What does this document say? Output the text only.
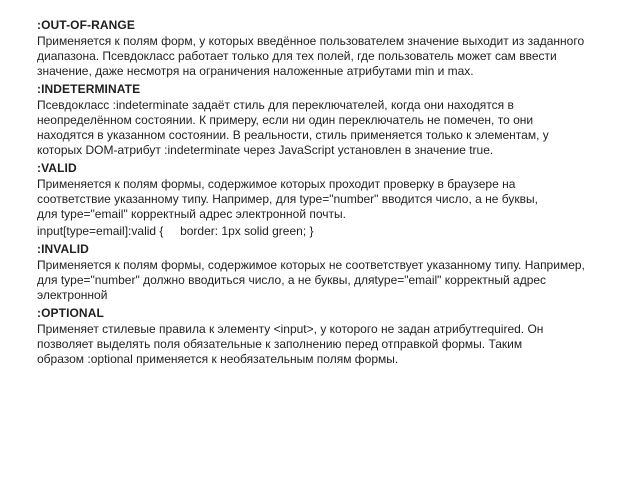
:OUT-OF-RANGE

Применяется к полям форм, у которых введённое пользователем значение выходит из заданного
диапазона. Псевдокласс работает только для тех полей, где пользователь может сам ввести
значение, даже несмотря на ограничения наложенные атрибутами min и max.

:INDETERMINATE

Псевдокласс :indeterminate задаёт стиль для переключателей, когда они находятся в
неопределённом состоянии. К примеру, если ни один переключатель не помечен, то они
находятся в указанном состоянии. В реальности, стиль применяется только к элементам, у
которых DOM-атрибут :indeterminate через JavaScript установлен в значение true.

:VALID

Применяется к полям формы, содержимое которых проходит проверку в браузере на
соответствие указанному типу. Например, для type="number" вводится число, а не буквы,
для type="email" корректный адрес электронной почты.

input[type=email]:valid {     border: 1px solid green; }

:INVALID

Применяется к полям формы, содержимое которых не соответствует указанному типу. Например,
для type="number" должно вводиться число, а не буквы, дляtype="email" корректный адрес
электронной

:OPTIONAL

Применяет стилевые правила к элементу <input>, у которого не задан атрибутrequired. Он
позволяет выделять поля обязательные к заполнению перед отправкой формы. Таким
образом :optional применяется к необязательным полям формы.
